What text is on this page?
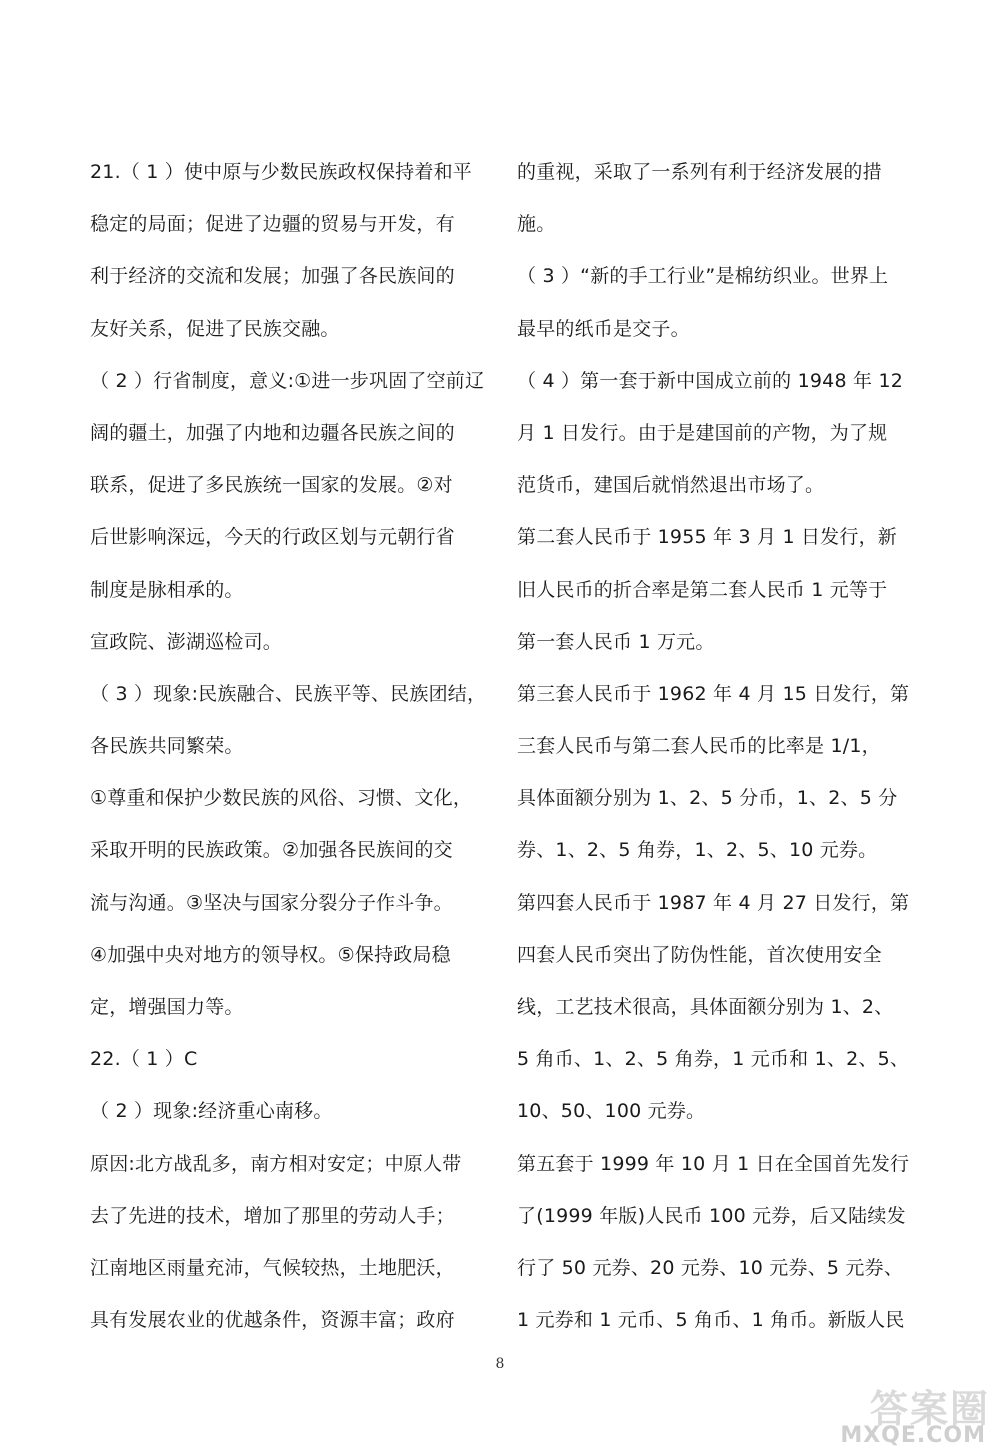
21.（ 1 ）使中原与少数民族政权保持着和平
稳定的局面；促进了边疆的贸易与开发，有
利于经济的交流和发展；加强了各民族间的
友好关系，促进了民族交融。
（ 2 ）行省制度，意义:①进一步巩固了空前辽
阔的疆土，加强了内地和边疆各民族之间的
联系，促进了多民族统一国家的发展。②对
后世影响深远，今天的行政区划与元朝行省
制度是脉相承的。
宣政院、澎湖巡检司。
（ 3 ）现象:民族融合、民族平等、民族团结，
各民族共同繁荣。
①尊重和保护少数民族的风俗、习惯、文化，
采取开明的民族政策。②加强各民族间的交
流与沟通。③坚决与国家分裂分子作斗争。
④加强中央对地方的领导权。⑤保持政局稳
定，增强国力等。
22.（ 1 ）C
（ 2 ）现象:经济重心南移。
原因:北方战乱多，南方相对安定；中原人带
去了先进的技术，增加了那里的劳动人手；
江南地区雨量充沛，气候较热，土地肥沃，
具有发展农业的优越条件，资源丰富；政府
的重视，采取了一系列有利于经济发展的措
施。
（ 3 ）“新的手工行业”是棉纺织业。世界上
最早的纸币是交子。
（ 4 ）第一套于新中国成立前的 1948 年 12
月 1 日发行。由于是建国前的产物，为了规
范货币，建国后就悄然退出市场了。
第二套人民币于 1955 年 3 月 1 日发行，新
旧人民币的折合率是第二套人民币 1 元等于
第一套人民币 1 万元。
第三套人民币于 1962 年 4 月 15 日发行，第
三套人民币与第二套人民币的比率是 1/1，
具体面额分别为 1、2、5 分币，1、2、5 分
券、1、2、5 角券，1、2、5、10 元券。
第四套人民币于 1987 年 4 月 27 日发行，第
四套人民币突出了防伪性能，首次使用安全
线，工艺技术很高，具体面额分别为 1、2、
5 角币、1、2、5 角券，1 元币和 1、2、5、
10、50、100 元券。
第五套于 1999 年 10 月 1 日在全国首先发行
了(1999 年版)人民币 100 元券，后又陆续发
行了 50 元券、20 元券、10 元券、5 元券、
1 元券和 1 元币、5 角币、1 角币。新版人民
8
答案圈
MXQE.COM
